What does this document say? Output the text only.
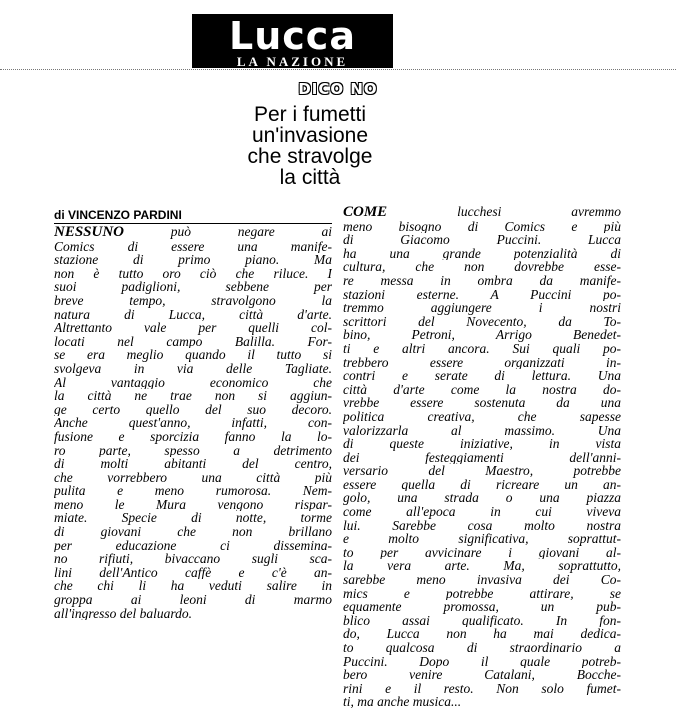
Lucca
LA NAZIONE
DICO NO
Per i fumetti
un'invasione
che stravolge
la città
di VINCENZO PARDINI
NESSUNO può negare ai
Comics di essere una manife-
stazione di primo piano. Ma
non è tutto oro ciò che riluce. I
suoi padiglioni, sebbene per
breve tempo, stravolgono la
natura di Lucca, città d'arte.
Altrettanto vale per quelli col-
locati nel campo Balilla. For-
se era meglio quando il tutto si
svolgeva in via delle Tagliate.
Al vantaggio economico che
la città ne trae non si aggiun-
ge certo quello del suo decoro.
Anche quest'anno, infatti, con-
fusione e sporcizia fanno la lo-
ro parte, spesso a detrimento
di molti abitanti del centro,
che vorrebbero una città più
pulita e meno rumorosa. Nem-
meno le Mura vengono rispar-
miate. Specie di notte, torme
di giovani che non brillano
per educazione ci dissemina-
no rifiuti, bivaccano sugli sca-
lini dell'Antico caffè e c'è an-
che chi li ha veduti salire in
groppa ai leoni di marmo
all'ingresso del baluardo.
COME lucchesi avremmo
meno bisogno di Comics e più
di Giacomo Puccini. Lucca
ha una grande potenzialità di
cultura, che non dovrebbe esse-
re messa in ombra da manife-
stazioni esterne. A Puccini po-
tremmo aggiungere i nostri
scrittori del Novecento, da To-
bino, Petroni, Arrigo Benedet-
ti e altri ancora. Sui quali po-
trebbero essere organizzati in-
contri e serate di lettura. Una
città d'arte come la nostra do-
vrebbe essere sostenuta da una
politica creativa, che sapesse
valorizzarla al massimo. Una
di queste iniziative, in vista
dei festeggiamenti dell'anni-
versario del Maestro, potrebbe
essere quella di ricreare un an-
golo, una strada o una piazza
come all'epoca in cui viveva
lui. Sarebbe cosa molto nostra
e molto significativa, soprattut-
to per avvicinare i giovani al-
la vera arte. Ma, soprattutto,
sarebbe meno invasiva dei Co-
mics e potrebbe attirare, se
equamente promossa, un pub-
blico assai qualificato. In fon-
do, Lucca non ha mai dedica-
to qualcosa di straordinario a
Puccini. Dopo il quale potreb-
bero venire Catalani, Bocche-
rini e il resto. Non solo fumet-
ti, ma anche musica...
